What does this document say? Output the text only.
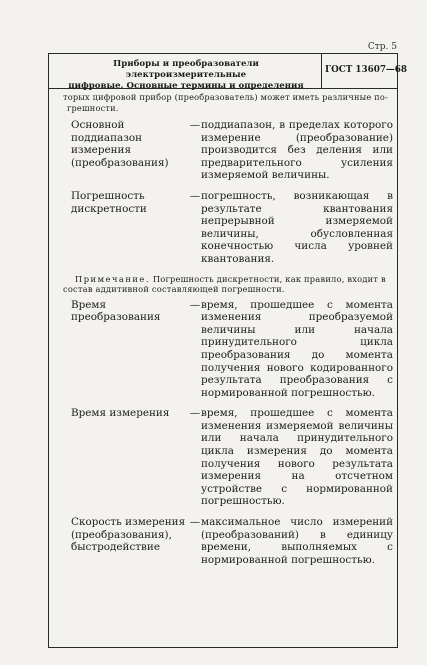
Стр. 5
Приборы и преобразователи электроизмерительные
цифровые. Основные термины и определения
ГОСТ 13607—68
торых цифровой прибор (преобразователь) может иметь различные по-
грешности.
Основной поддиапазон измерения (преобразования)
— поддиапазон, в пределах которого измерение (преобразование) производится без деления или предварительного усиления измеряемой величины.
Погрешность дискретности
— погрешность, возникающая в результате квантования непрерывной измеряемой величины, обусловленная конечностью числа уровней квантования.
Примечание. Погрешность дискретности, как правило, входит в состав аддитивной составляющей погрешности.
Время преобразования
— время, прошедшее с момента изменения преобразуемой величины или начала принудительного цикла преобразования до момента получения нового кодированного результата преобразования с нормированной погрешностью.
Время измерения	— время, прошедшее с момента изменения измеряемой величины или начала принудительного цикла измерения до момента получения нового результата измерения на отсчетном устройстве с нормированной погрешностью.
Скорость измерения (преобразования), быстродействие
— максимальное число измерений (преобразований) в единицу времени, выполняемых с нормированной погрешностью.
